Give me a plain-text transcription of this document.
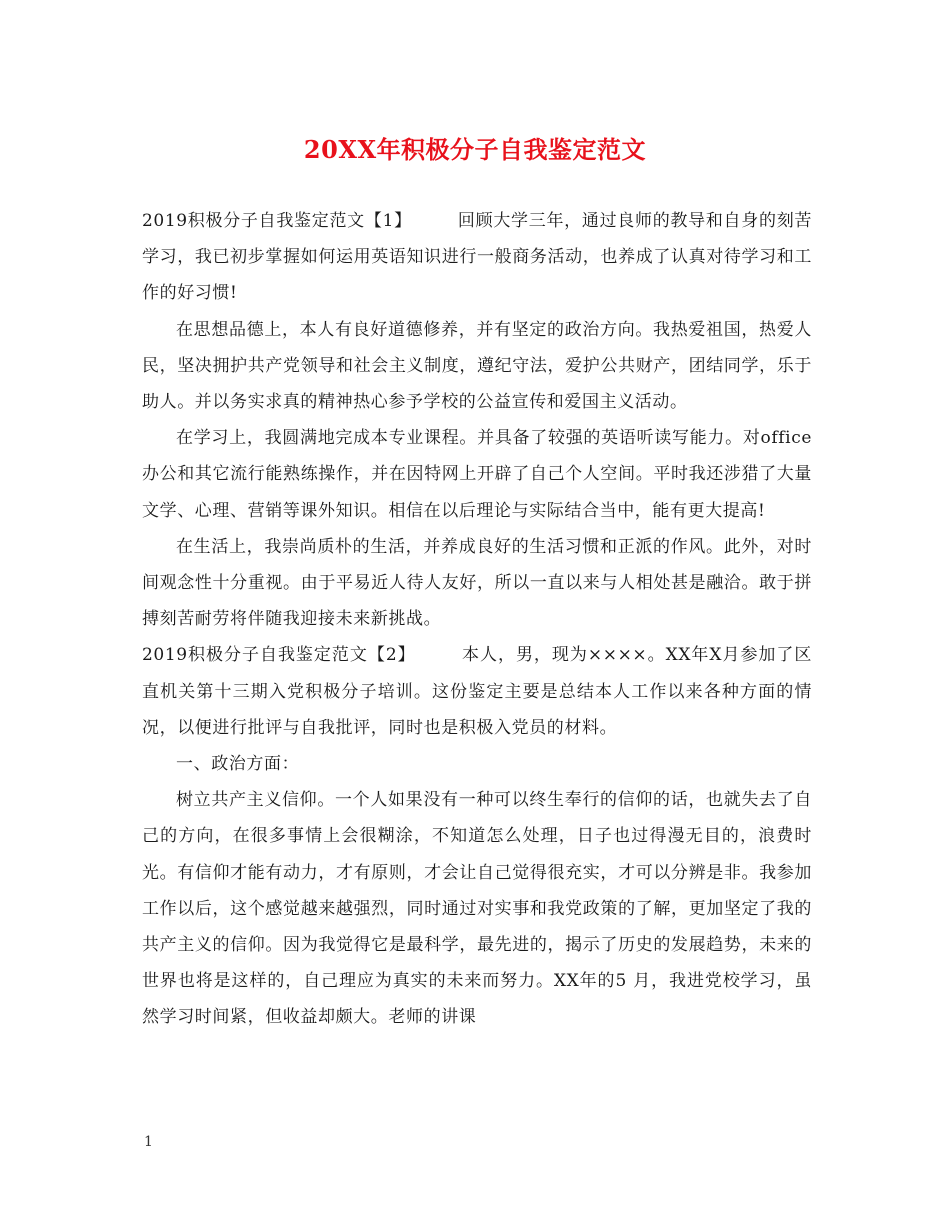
20XX年积极分子自我鉴定范文

2019积极分子自我鉴定范文【1】	回顾大学三年，通过良师的教导和自身的刻苦学习，我已初步掌握如何运用英语知识进行一般商务活动，也养成了认真对待学习和工作的好习惯!

在思想品德上，本人有良好道德修养，并有坚定的政治方向。我热爱祖国，热爱人民，坚决拥护共产党领导和社会主义制度，遵纪守法，爱护公共财产，团结同学，乐于助人。并以务实求真的精神热心参予学校的公益宣传和爱国主义活动。

在学习上，我圆满地完成本专业课程。并具备了较强的英语听读写能力。对office办公和其它流行能熟练操作，并在因特网上开辟了自己个人空间。平时我还涉猎了大量文学、心理、营销等课外知识。相信在以后理论与实际结合当中，能有更大提高!

在生活上，我崇尚质朴的生活，并养成良好的生活习惯和正派的作风。此外，对时间观念性十分重视。由于平易近人待人友好，所以一直以来与人相处甚是融洽。敢于拼搏刻苦耐劳将伴随我迎接未来新挑战。

2019积极分子自我鉴定范文【2】	本人，男，现为××××。XX年X月参加了区直机关第十三期入党积极分子培训。这份鉴定主要是总结本人工作以来各种方面的情况，以便进行批评与自我批评，同时也是积极入党员的材料。

一、政治方面：

树立共产主义信仰。一个人如果没有一种可以终生奉行的信仰的话，也就失去了自己的方向，在很多事情上会很糊涂，不知道怎么处理，日子也过得漫无目的，浪费时光。有信仰才能有动力，才有原则，才会让自己觉得很充实，才可以分辨是非。我参加工作以后，这个感觉越来越强烈，同时通过对实事和我党政策的了解，更加坚定了我的共产主义的信仰。因为我觉得它是最科学，最先进的，揭示了历史的发展趋势，未来的世界也将是这样的，自己理应为真实的未来而努力。XX年的5 月，我进党校学习，虽然学习时间紧，但收益却颇大。老师的讲课

1
